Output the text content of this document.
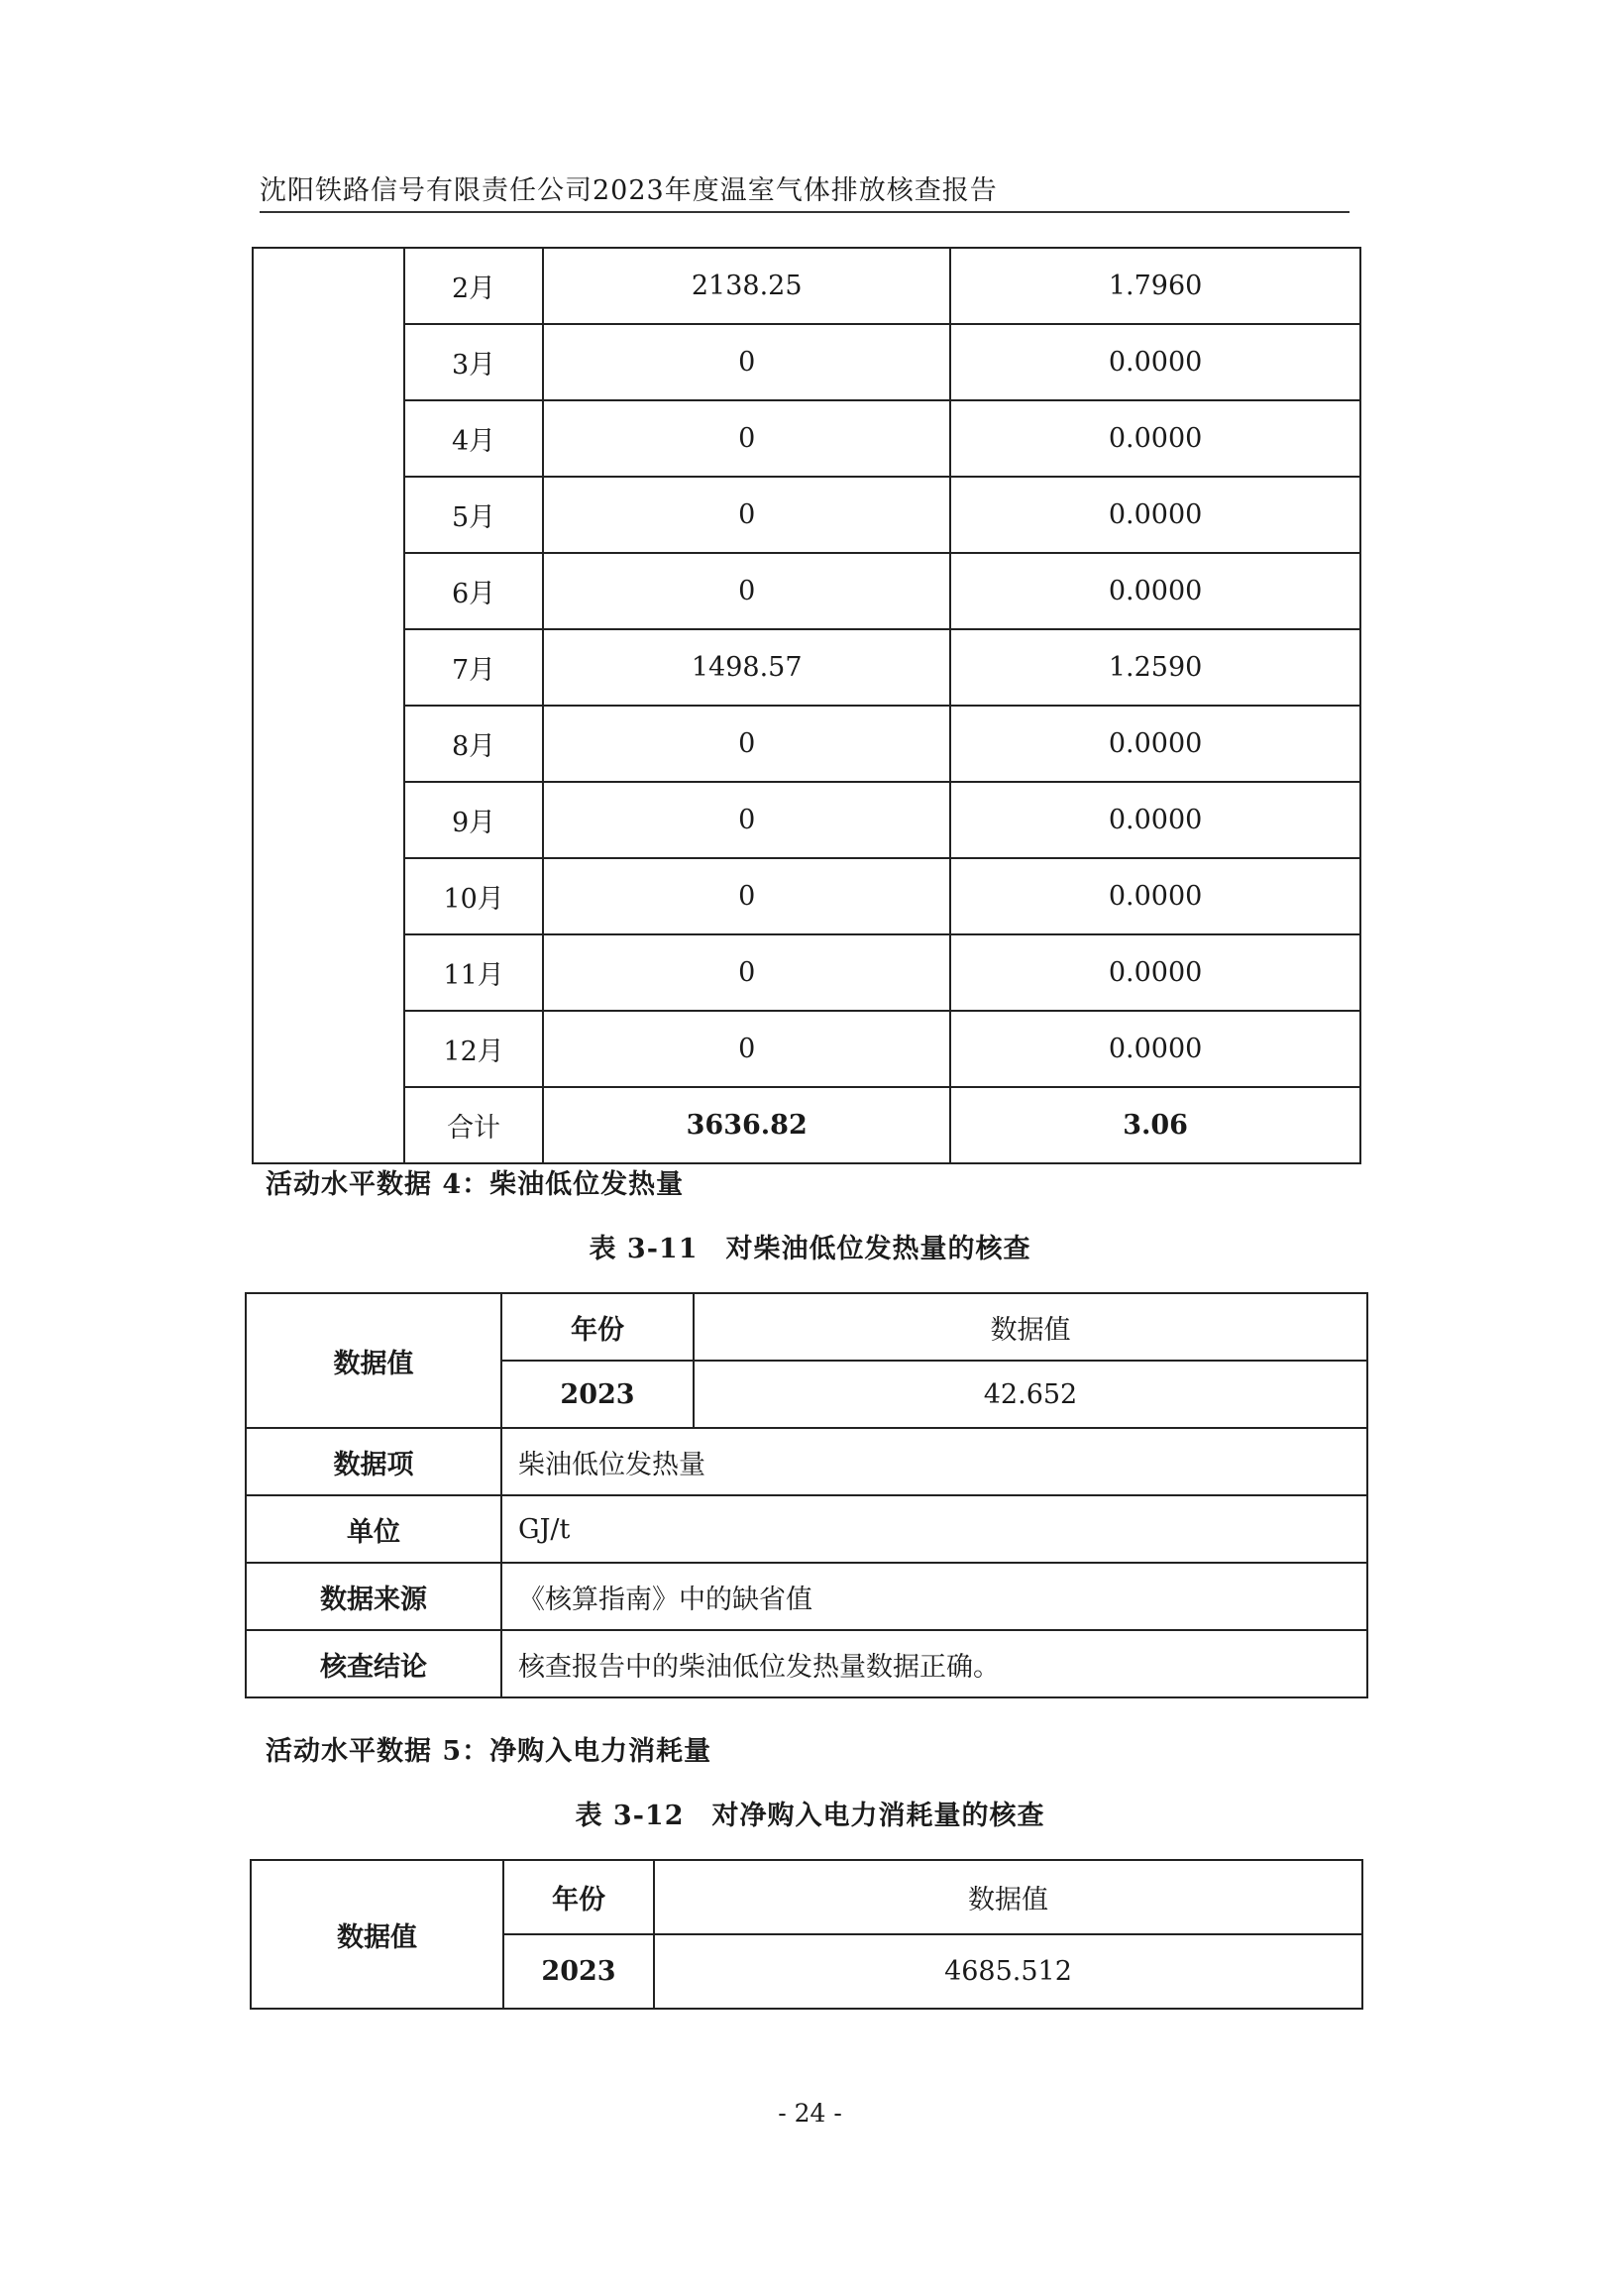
沈阳铁路信号有限责任公司2023年度温室气体排放核查报告
	2月	2138.25	1.7960
	3月	0	0.0000
	4月	0	0.0000
	5月	0	0.0000
	6月	0	0.0000
	7月	1498.57	1.2590
	8月	0	0.0000
	9月	0	0.0000
	10月	0	0.0000
	11月	0	0.0000
	12月	0	0.0000
	合计	3636.82	3.06
活动水平数据 4：柴油低位发热量
表 3-11　对柴油低位发热量的核查
数据值	年份	数据值
	2023	42.652
数据项	柴油低位发热量	
单位	GJ/t	
数据来源	《核算指南》中的缺省值	
核查结论	核查报告中的柴油低位发热量数据正确。	
活动水平数据 5：净购入电力消耗量
表 3-12　对净购入电力消耗量的核查
数据值	年份	数据值
	2023	4685.512
- 24 -
